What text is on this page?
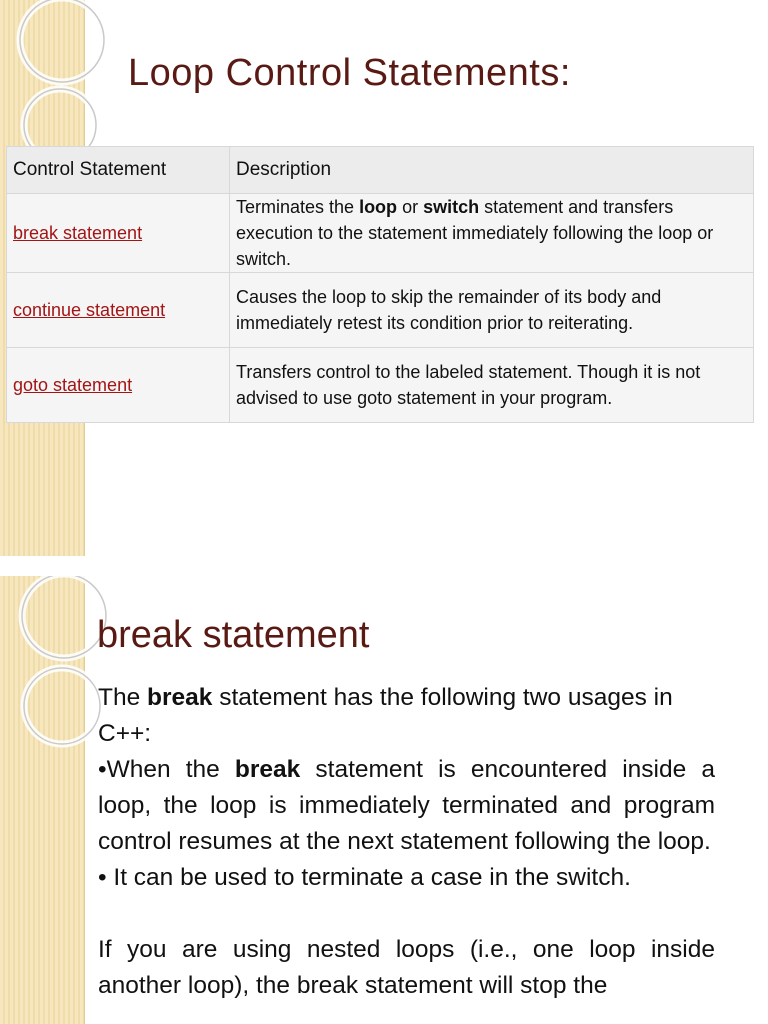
Loop Control Statements:
Control Statement	Description
break statement	Terminates the loop or switch statement and transfers execution to the statement immediately following the loop or switch.
continue statement	Causes the loop to skip the remainder of its body and immediately retest its condition prior to reiterating.
goto statement	Transfers control to the labeled statement. Though it is not advised to use goto statement in your program.
break statement

The break statement has the following two usages in C++:

•When the break statement is encountered inside a loop, the loop is immediately terminated and program control resumes at the next statement following the loop.

• It can be used to terminate a case in the switch.

If you are using nested loops (i.e., one loop inside another loop), the break statement will stop the
